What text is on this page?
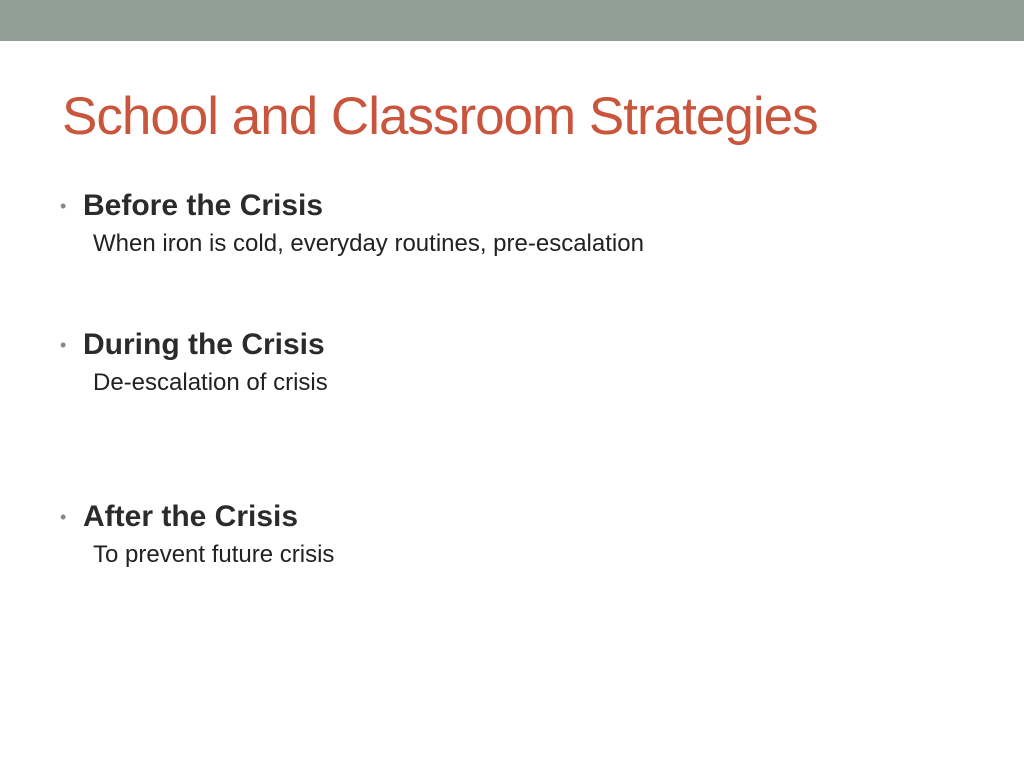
School and Classroom Strategies
• Before the Crisis
When iron is cold, everyday routines, pre-escalation
• During the Crisis
De-escalation of crisis
• After the Crisis
To prevent future crisis
